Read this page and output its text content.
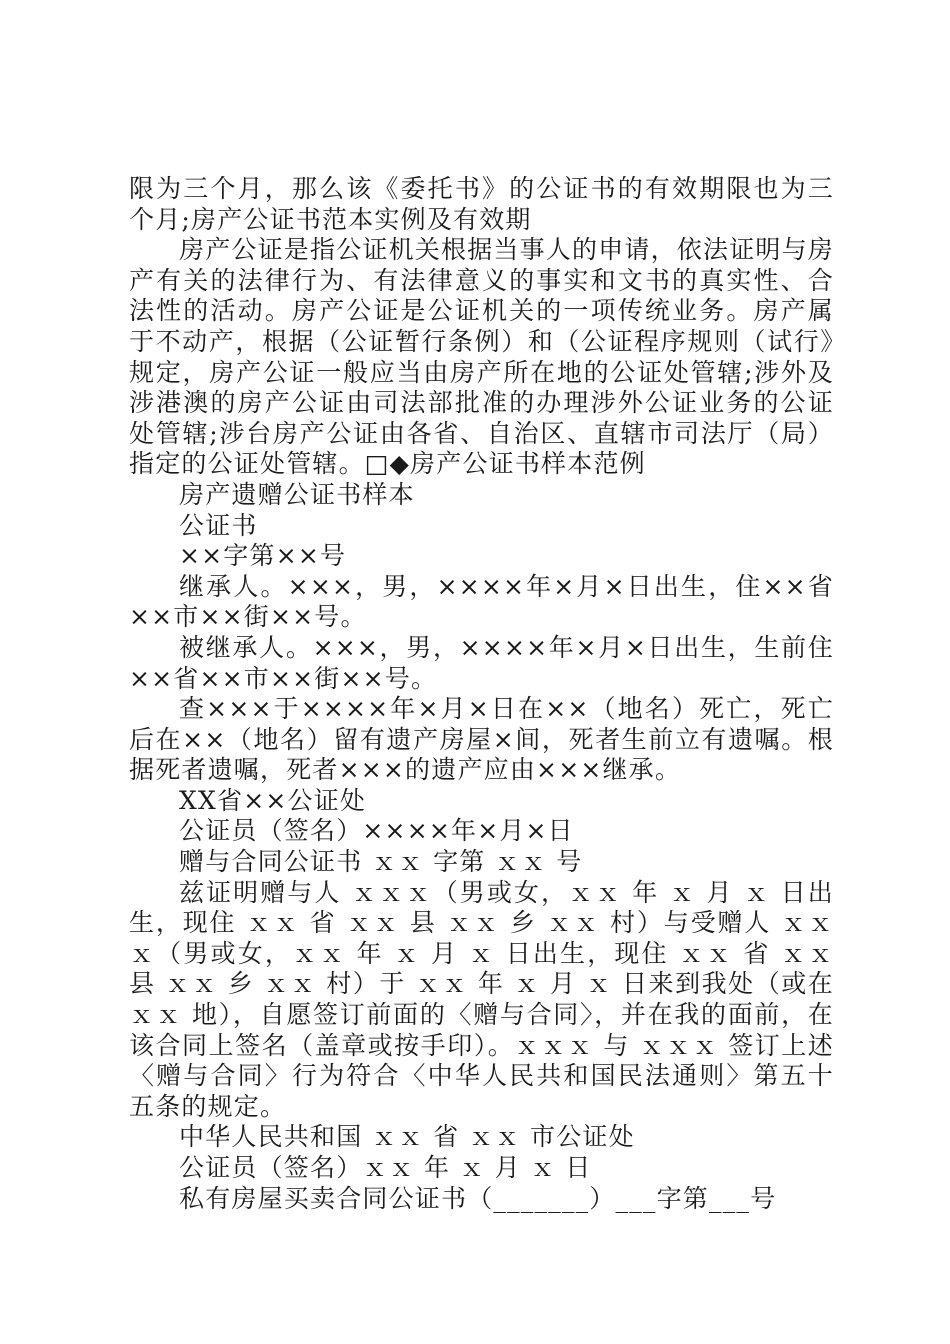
限为三个月，那么该《委托书》的公证书的有效期限也为三个月;房产公证书范本实例及有效期

房产公证是指公证机关根据当事人的申请，依法证明与房产有关的法律行为、有法律意义的事实和文书的真实性、合法性的活动。房产公证是公证机关的一项传统业务。房产属于不动产，根据（公证暂行条例）和（公证程序规则（试行》规定，房产公证一般应当由房产所在地的公证处管辖;涉外及涉港澳的房产公证由司法部批准的办理涉外公证业务的公证处管辖;涉台房产公证由各省、自治区、直辖市司法厅（局）指定的公证处管辖。□◆房产公证书样本范例

房产遗赠公证书样本

公证书

××字第××号

继承人。×××，男，××××年×月×日出生，住××省××市××街××号。

被继承人。×××，男，××××年×月×日出生，生前住××省××市××街××号。

查×××于××××年×月×日在××（地名）死亡，死亡后在××（地名）留有遗产房屋×间，死者生前立有遗嘱。根据死者遗嘱，死者×××的遗产应由×××继承。

XX省××公证处

公证员（签名）××××年×月×日

赠与合同公证书 ｘｘ 字第 ｘｘ 号

兹证明赠与人 ｘｘｘ（男或女，ｘｘ 年 ｘ 月 ｘ 日出生，现住 ｘｘ 省 ｘｘ 县 ｘｘ 乡 ｘｘ 村）与受赠人 ｘｘｘ（男或女，ｘｘ 年 ｘ 月 ｘ 日出生，现住 ｘｘ 省 ｘｘ 县 ｘｘ 乡 ｘｘ 村）于 ｘｘ 年 ｘ 月 ｘ 日来到我处（或在 ｘｘ 地），自愿签订前面的〈赠与合同〉，并在我的面前，在该合同上签名（盖章或按手印）。ｘｘｘ 与 ｘｘｘ 签订上述〈赠与合同〉行为符合〈中华人民共和国民法通则〉第五十五条的规定。

中华人民共和国 ｘｘ 省 ｘｘ 市公证处

公证员（签名）ｘｘ 年 ｘ 月 ｘ 日

私有房屋买卖合同公证书（_______）___字第___号
